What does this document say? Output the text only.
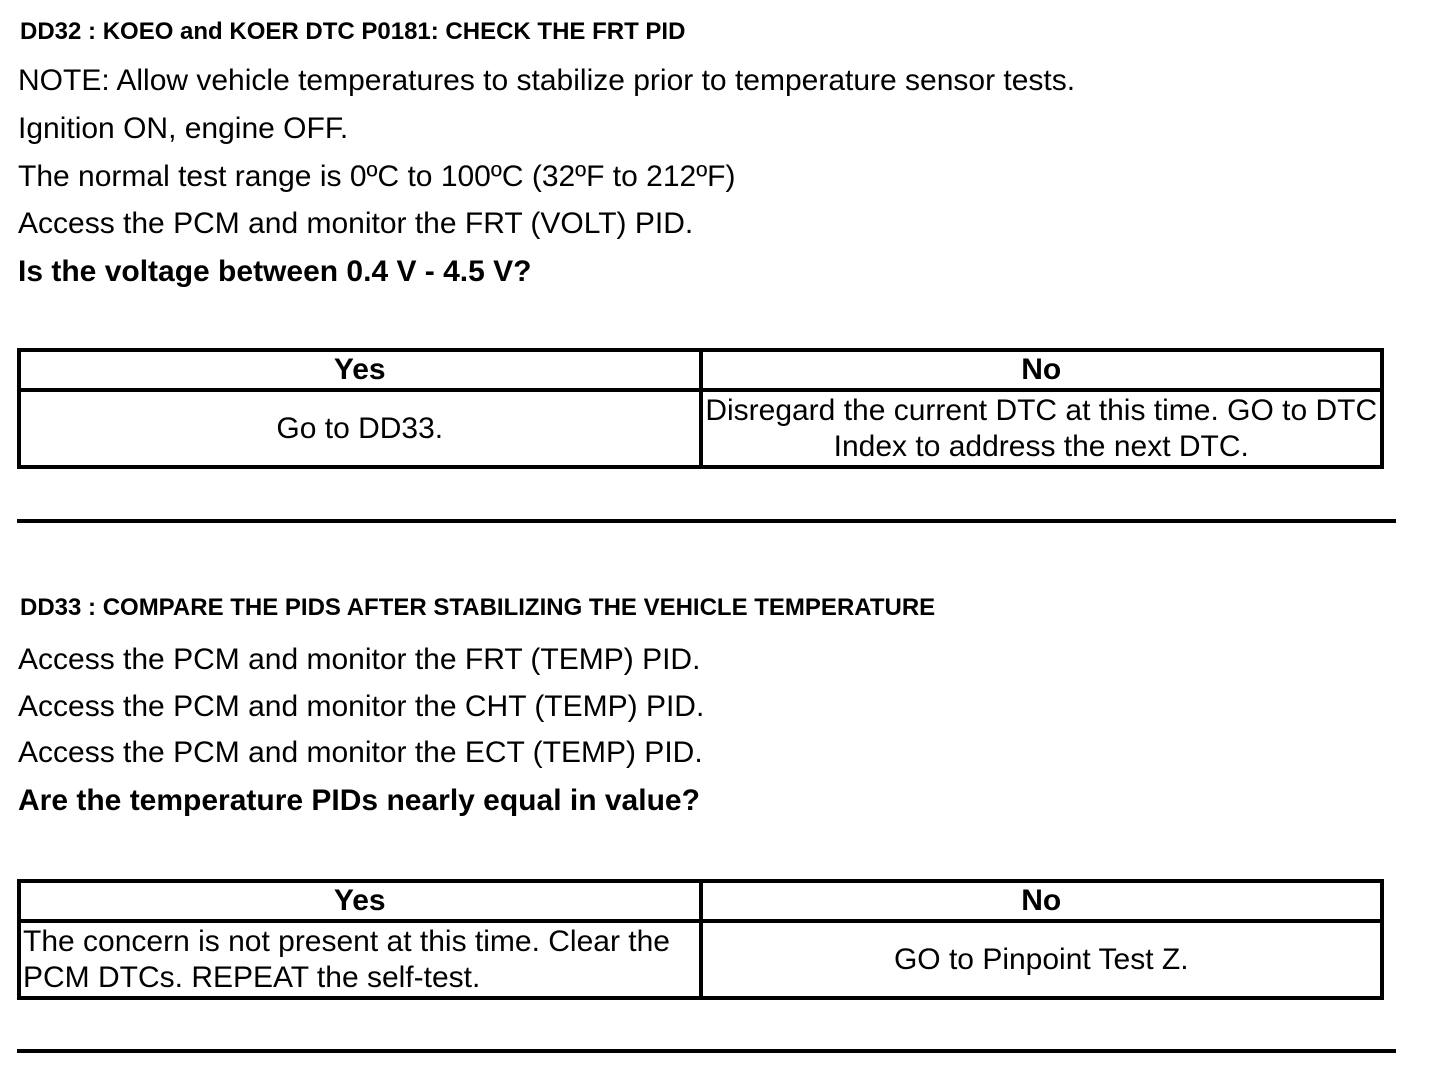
DD32 : KOEO and KOER DTC P0181: CHECK THE FRT PID
NOTE: Allow vehicle temperatures to stabilize prior to temperature sensor tests.
Ignition ON, engine OFF.
The normal test range is 0ºC to 100ºC (32ºF to 212ºF)
Access the PCM and monitor the FRT (VOLT) PID.
Is the voltage between 0.4 V - 4.5 V?
Yes	No
Go to DD33.	Disregard the current DTC at this time. GO to DTC Index to address the next DTC.
DD33 : COMPARE THE PIDS AFTER STABILIZING THE VEHICLE TEMPERATURE
Access the PCM and monitor the FRT (TEMP) PID.
Access the PCM and monitor the CHT (TEMP) PID.
Access the PCM and monitor the ECT (TEMP) PID.
Are the temperature PIDs nearly equal in value?
Yes	No
The concern is not present at this time. Clear the PCM DTCs. REPEAT the self-test.	GO to Pinpoint Test Z.
